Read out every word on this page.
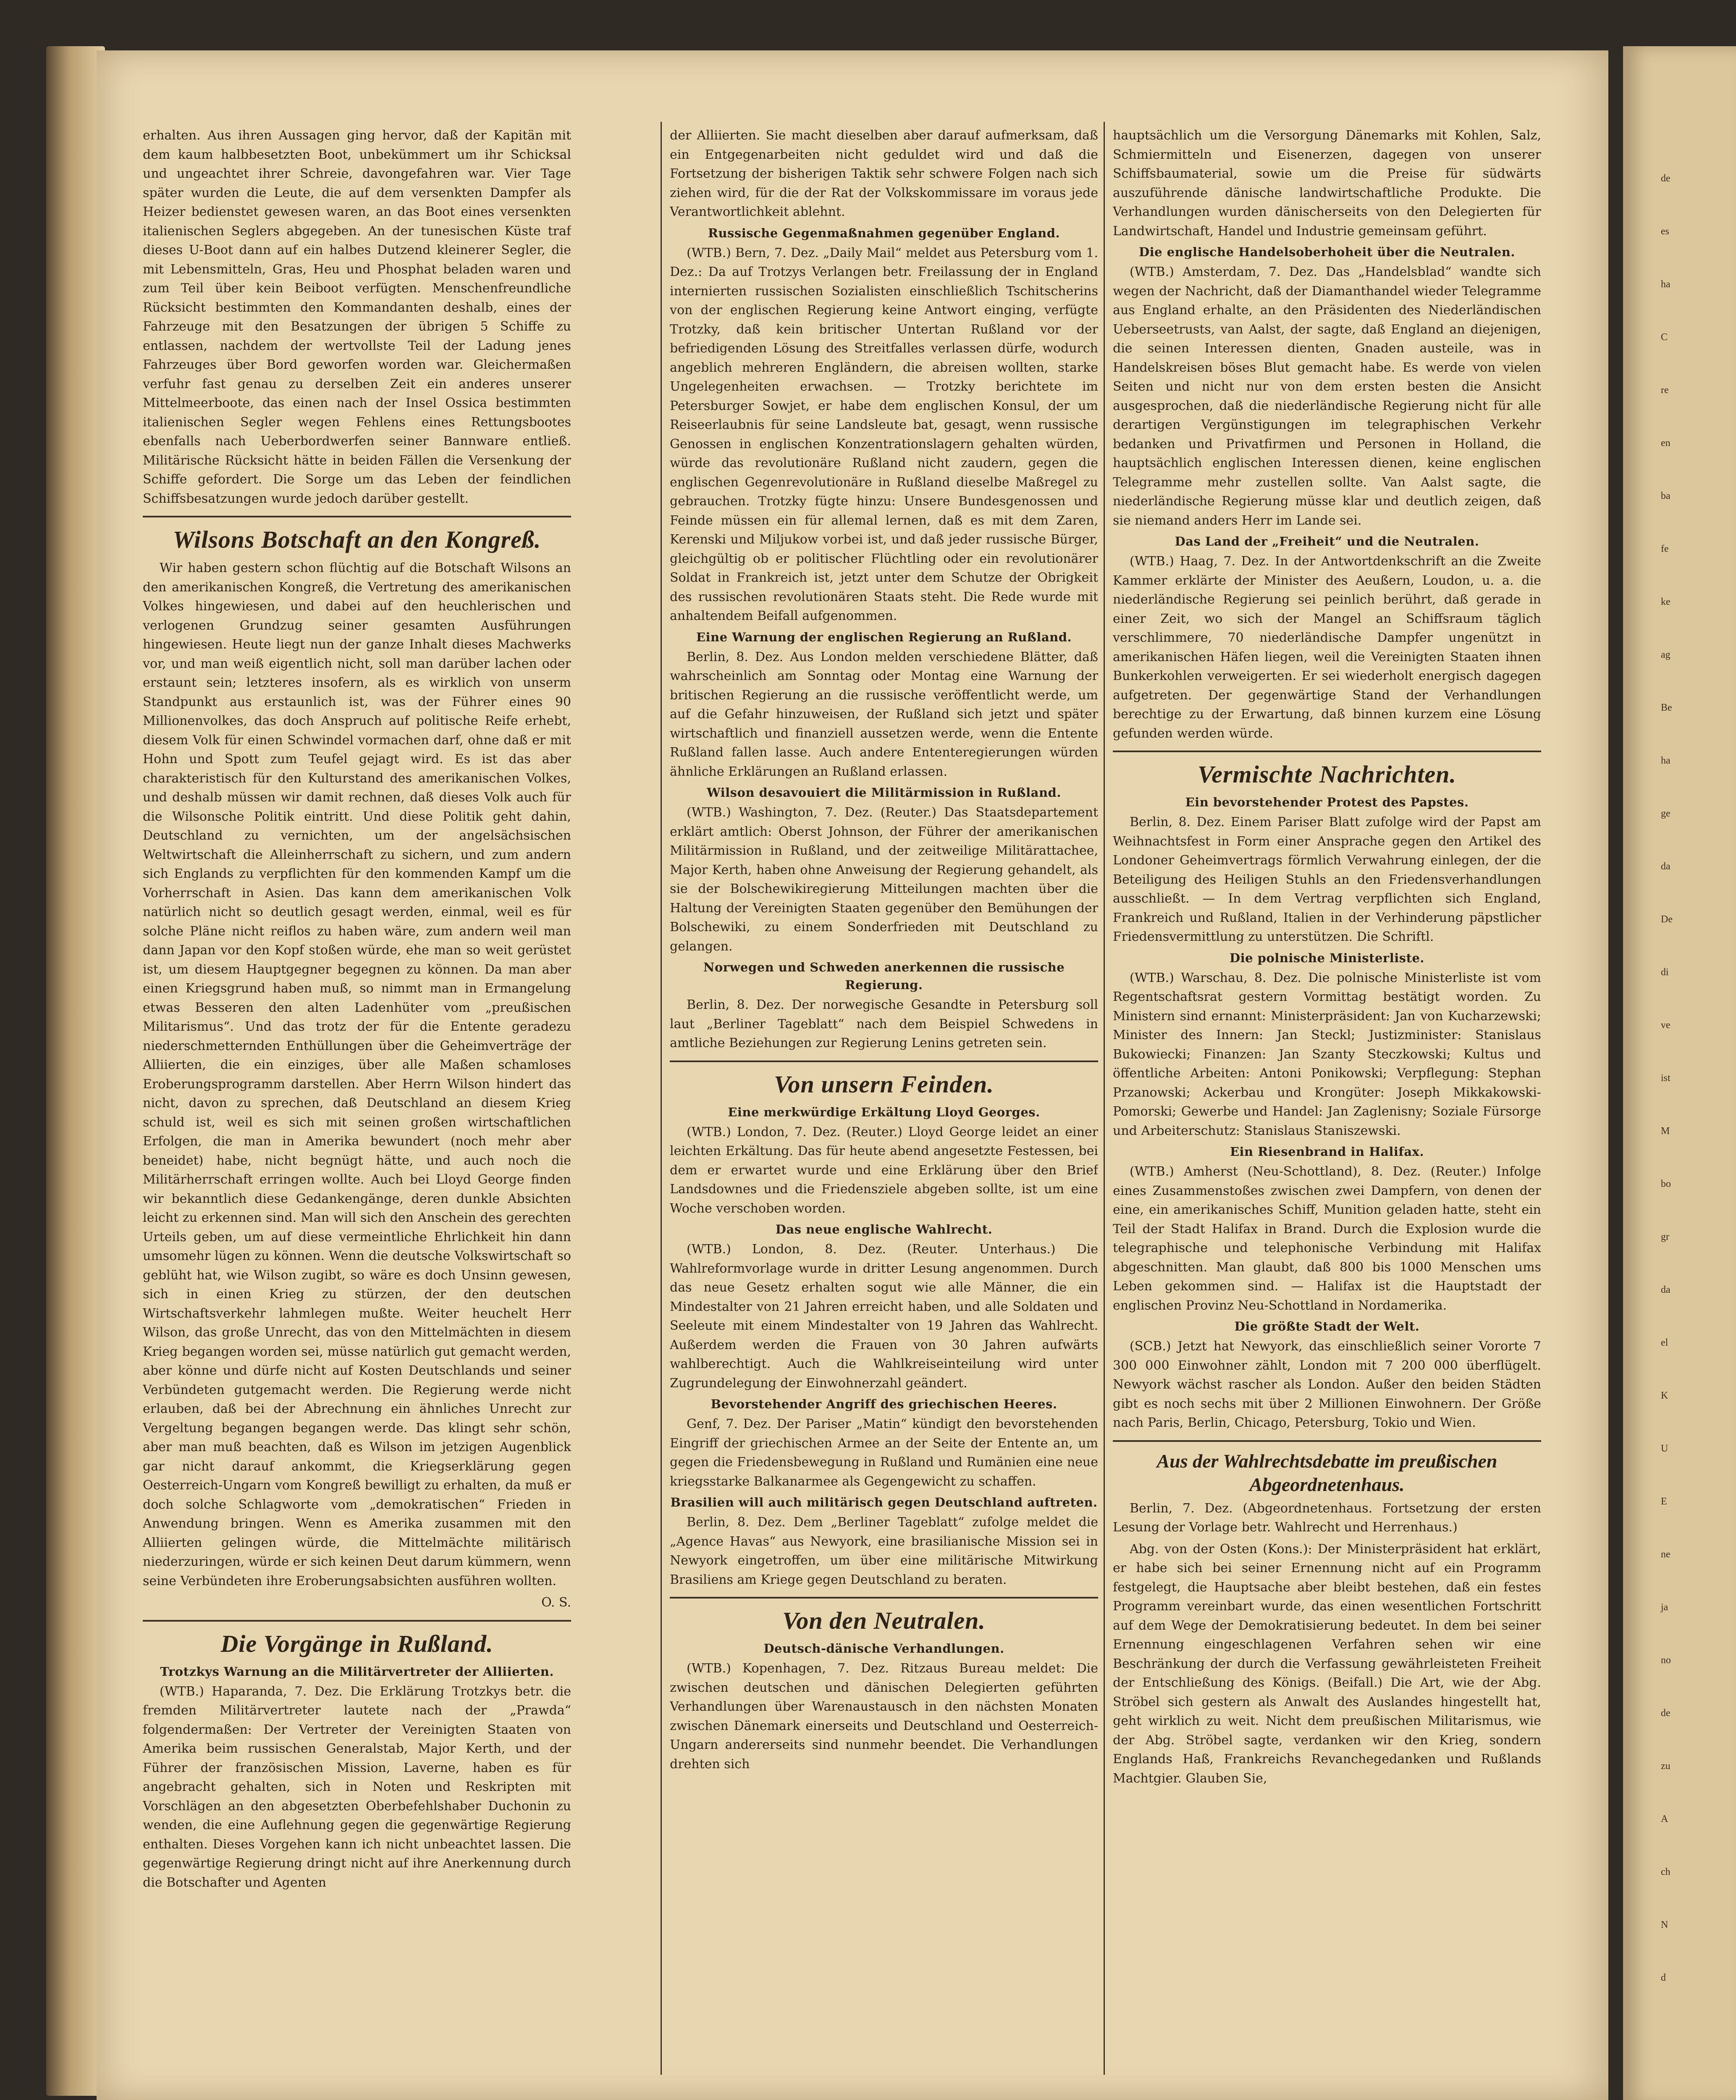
de
es
ha
C
re
en
ba
fe
ke
ag
Be
ha
ge
da
De
di
ve
ist
M
bo
gr
da
el
K
U
E
ne
ja
no
de
zu
A
ch
N
d

erhalten. Aus ihren Aussagen ging hervor, daß der Kapitän mit dem kaum halbbesetzten Boot, unbekümmert um ihr Schicksal und ungeachtet ihrer Schreie, davongefahren war. Vier Tage später wurden die Leute, die auf dem versenkten Dampfer als Heizer bedienstet gewesen waren, an das Boot eines versenkten italienischen Seglers abgegeben. An der tunesischen Küste traf dieses U-Boot dann auf ein halbes Dutzend kleinerer Segler, die mit Lebensmitteln, Gras, Heu und Phosphat beladen waren und zum Teil über kein Beiboot verfügten. Menschenfreundliche Rücksicht bestimmten den Kommandanten deshalb, eines der Fahrzeuge mit den Besatzungen der übrigen 5 Schiffe zu entlassen, nachdem der wertvollste Teil der Ladung jenes Fahrzeuges über Bord geworfen worden war. Gleichermaßen verfuhr fast genau zu derselben Zeit ein anderes unserer Mittelmeerboote, das einen nach der Insel Ossica bestimmten italienischen Segler wegen Fehlens eines Rettungsbootes ebenfalls nach Ueberbordwerfen seiner Bannware entließ. Militärische Rücksicht hätte in beiden Fällen die Versenkung der Schiffe gefordert. Die Sorge um das Leben der feindlichen Schiffsbesatzungen wurde jedoch darüber gestellt.

Wilsons Botschaft an den Kongreß.

Wir haben gestern schon flüchtig auf die Botschaft Wilsons an den amerikanischen Kongreß, die Vertretung des amerikanischen Volkes hingewiesen, und dabei auf den heuchlerischen und verlogenen Grundzug seiner gesamten Ausführungen hingewiesen. Heute liegt nun der ganze Inhalt dieses Machwerks vor, und man weiß eigentlich nicht, soll man darüber lachen oder erstaunt sein; letzteres insofern, als es wirklich von unserm Standpunkt aus erstaunlich ist, was der Führer eines 90 Millionenvolkes, das doch Anspruch auf politische Reife erhebt, diesem Volk für einen Schwindel vormachen darf, ohne daß er mit Hohn und Spott zum Teufel gejagt wird. Es ist das aber charakteristisch für den Kulturstand des amerikanischen Volkes, und deshalb müssen wir damit rechnen, daß dieses Volk auch für die Wilsonsche Politik eintritt. Und diese Politik geht dahin, Deutschland zu vernichten, um der angelsächsischen Weltwirtschaft die Alleinherrschaft zu sichern, und zum andern sich Englands zu verpflichten für den kommenden Kampf um die Vorherrschaft in Asien. Das kann dem amerikanischen Volk natürlich nicht so deutlich gesagt werden, einmal, weil es für solche Pläne nicht reiflos zu haben wäre, zum andern weil man dann Japan vor den Kopf stoßen würde, ehe man so weit gerüstet ist, um diesem Hauptgegner begegnen zu können. Da man aber einen Kriegsgrund haben muß, so nimmt man in Ermangelung etwas Besseren den alten Ladenhüter vom „preußischen Militarismus“. Und das trotz der für die Entente geradezu niederschmetternden Enthüllungen über die Geheimverträge der Alliierten, die ein einziges, über alle Maßen schamloses Eroberungsprogramm darstellen. Aber Herrn Wilson hindert das nicht, davon zu sprechen, daß Deutschland an diesem Krieg schuld ist, weil es sich mit seinen großen wirtschaftlichen Erfolgen, die man in Amerika bewundert (noch mehr aber beneidet) habe, nicht begnügt hätte, und auch noch die Militärherrschaft erringen wollte. Auch bei Lloyd George finden wir bekanntlich diese Gedankengänge, deren dunkle Absichten leicht zu erkennen sind. Man will sich den Anschein des gerechten Urteils geben, um auf diese vermeintliche Ehrlichkeit hin dann umsomehr lügen zu können. Wenn die deutsche Volkswirtschaft so geblüht hat, wie Wilson zugibt, so wäre es doch Unsinn gewesen, sich in einen Krieg zu stürzen, der den deutschen Wirtschaftsverkehr lahmlegen mußte. Weiter heuchelt Herr Wilson, das große Unrecht, das von den Mittelmächten in diesem Krieg begangen worden sei, müsse natürlich gut gemacht werden, aber könne und dürfe nicht auf Kosten Deutschlands und seiner Verbündeten gutgemacht werden. Die Regierung werde nicht erlauben, daß bei der Abrechnung ein ähnliches Unrecht zur Vergeltung begangen begangen werde. Das klingt sehr schön, aber man muß beachten, daß es Wilson im jetzigen Augenblick gar nicht darauf ankommt, die Kriegserklärung gegen Oesterreich-Ungarn vom Kongreß bewilligt zu erhalten, da muß er doch solche Schlagworte vom „demokratischen“ Frieden in Anwendung bringen. Wenn es Amerika zusammen mit den Alliierten gelingen würde, die Mittelmächte militärisch niederzuringen, würde er sich keinen Deut darum kümmern, wenn seine Verbündeten ihre Eroberungsabsichten ausführen wollten.

O. S.
Die Vorgänge in Rußland.
Trotzkys Warnung an die Militärvertreter der Alliierten.

(WTB.) Haparanda, 7. Dez. Die Erklärung Trotzkys betr. die fremden Militärvertreter lautete nach der „Prawda“ folgendermaßen: Der Vertreter der Vereinigten Staaten von Amerika beim russischen Generalstab, Major Kerth, und der Führer der französischen Mission, Laverne, haben es für angebracht gehalten, sich in Noten und Reskripten mit Vorschlägen an den abgesetzten Oberbefehlshaber Duchonin zu wenden, die eine Auflehnung gegen die gegenwärtige Regierung enthalten. Dieses Vorgehen kann ich nicht unbeachtet lassen. Die gegenwärtige Regierung dringt nicht auf ihre Anerkennung durch die Botschafter und Agenten

der Alliierten. Sie macht dieselben aber darauf aufmerksam, daß ein Entgegenarbeiten nicht geduldet wird und daß die Fortsetzung der bisherigen Taktik sehr schwere Folgen nach sich ziehen wird, für die der Rat der Volkskommissare im voraus jede Verantwortlichkeit ablehnt.

Russische Gegenmaßnahmen gegenüber England.

(WTB.) Bern, 7. Dez. „Daily Mail“ meldet aus Petersburg vom 1. Dez.: Da auf Trotzys Verlangen betr. Freilassung der in England internierten russischen Sozialisten einschließlich Tschitscherins von der englischen Regierung keine Antwort einging, verfügte Trotzky, daß kein britischer Untertan Rußland vor der befriedigenden Lösung des Streitfalles verlassen dürfe, wodurch angeblich mehreren Engländern, die abreisen wollten, starke Ungelegenheiten erwachsen. — Trotzky berichtete im Petersburger Sowjet, er habe dem englischen Konsul, der um Reiseerlaubnis für seine Landsleute bat, gesagt, wenn russische Genossen in englischen Konzentrationslagern gehalten würden, würde das revolutionäre Rußland nicht zaudern, gegen die englischen Gegenrevolutionäre in Rußland dieselbe Maßregel zu gebrauchen. Trotzky fügte hinzu: Unsere Bundesgenossen und Feinde müssen ein für allemal lernen, daß es mit dem Zaren, Kerenski und Miljukow vorbei ist, und daß jeder russische Bürger, gleichgültig ob er politischer Flüchtling oder ein revolutionärer Soldat in Frankreich ist, jetzt unter dem Schutze der Obrigkeit des russischen revolutionären Staats steht. Die Rede wurde mit anhaltendem Beifall aufgenommen.

Eine Warnung der englischen Regierung an Rußland.

Berlin, 8. Dez. Aus London melden verschiedene Blätter, daß wahrscheinlich am Sonntag oder Montag eine Warnung der britischen Regierung an die russische veröffentlicht werde, um auf die Gefahr hinzuweisen, der Rußland sich jetzt und später wirtschaftlich und finanziell aussetzen werde, wenn die Entente Rußland fallen lasse. Auch andere Ententeregierungen würden ähnliche Erklärungen an Rußland erlassen.

Wilson desavouiert die Militärmission in Rußland.

(WTB.) Washington, 7. Dez. (Reuter.) Das Staatsdepartement erklärt amtlich: Oberst Johnson, der Führer der amerikanischen Militärmission in Rußland, und der zeitweilige Militärattachee, Major Kerth, haben ohne Anweisung der Regierung gehandelt, als sie der Bolschewikiregierung Mitteilungen machten über die Haltung der Vereinigten Staaten gegenüber den Bemühungen der Bolschewiki, zu einem Sonderfrieden mit Deutschland zu gelangen.

Norwegen und Schweden anerkennen die russische Regierung.

Berlin, 8. Dez. Der norwegische Gesandte in Petersburg soll laut „Berliner Tageblatt“ nach dem Beispiel Schwedens in amtliche Beziehungen zur Regierung Lenins getreten sein.

Von unsern Feinden.
Eine merkwürdige Erkältung Lloyd Georges.

(WTB.) London, 7. Dez. (Reuter.) Lloyd George leidet an einer leichten Erkältung. Das für heute abend angesetzte Festessen, bei dem er erwartet wurde und eine Erklärung über den Brief Landsdownes und die Friedensziele abgeben sollte, ist um eine Woche verschoben worden.

Das neue englische Wahlrecht.

(WTB.) London, 8. Dez. (Reuter. Unterhaus.) Die Wahlreformvorlage wurde in dritter Lesung angenommen. Durch das neue Gesetz erhalten sogut wie alle Männer, die ein Mindestalter von 21 Jahren erreicht haben, und alle Soldaten und Seeleute mit einem Mindestalter von 19 Jahren das Wahlrecht. Außerdem werden die Frauen von 30 Jahren aufwärts wahlberechtigt. Auch die Wahlkreiseinteilung wird unter Zugrundelegung der Einwohnerzahl geändert.

Bevorstehender Angriff des griechischen Heeres.

Genf, 7. Dez. Der Pariser „Matin“ kündigt den bevorstehenden Eingriff der griechischen Armee an der Seite der Entente an, um gegen die Friedensbewegung in Rußland und Rumänien eine neue kriegsstarke Balkanarmee als Gegengewicht zu schaffen.

Brasilien will auch militärisch gegen Deutschland auftreten.

Berlin, 8. Dez. Dem „Berliner Tageblatt“ zufolge meldet die „Agence Havas“ aus Newyork, eine brasilianische Mission sei in Newyork eingetroffen, um über eine militärische Mitwirkung Brasiliens am Kriege gegen Deutschland zu beraten.

Von den Neutralen.
Deutsch-dänische Verhandlungen.

(WTB.) Kopenhagen, 7. Dez. Ritzaus Bureau meldet: Die zwischen deutschen und dänischen Delegierten geführten Verhandlungen über Warenaustausch in den nächsten Monaten zwischen Dänemark einerseits und Deutschland und Oesterreich-Ungarn andererseits sind nunmehr beendet. Die Verhandlungen drehten sich

hauptsächlich um die Versorgung Dänemarks mit Kohlen, Salz, Schmiermitteln und Eisenerzen, dagegen von unserer Schiffsbaumaterial, sowie um die Preise für südwärts auszuführende dänische landwirtschaftliche Produkte. Die Verhandlungen wurden dänischerseits von den Delegierten für Landwirtschaft, Handel und Industrie gemeinsam geführt.

Die englische Handelsoberhoheit über die Neutralen.

(WTB.) Amsterdam, 7. Dez. Das „Handelsblad“ wandte sich wegen der Nachricht, daß der Diamanthandel wieder Telegramme aus England erhalte, an den Präsidenten des Niederländischen Ueberseetrusts, van Aalst, der sagte, daß England an diejenigen, die seinen Interessen dienten, Gnaden austeile, was in Handelskreisen böses Blut gemacht habe. Es werde von vielen Seiten und nicht nur von dem ersten besten die Ansicht ausgesprochen, daß die niederländische Regierung nicht für alle derartigen Vergünstigungen im telegraphischen Verkehr bedanken und Privatfirmen und Personen in Holland, die hauptsächlich englischen Interessen dienen, keine englischen Telegramme mehr zustellen sollte. Van Aalst sagte, die niederländische Regierung müsse klar und deutlich zeigen, daß sie niemand anders Herr im Lande sei.

Das Land der „Freiheit“ und die Neutralen.

(WTB.) Haag, 7. Dez. In der Antwortdenkschrift an die Zweite Kammer erklärte der Minister des Aeußern, Loudon, u. a. die niederländische Regierung sei peinlich berührt, daß gerade in einer Zeit, wo sich der Mangel an Schiffsraum täglich verschlimmere, 70 niederländische Dampfer ungenützt in amerikanischen Häfen liegen, weil die Vereinigten Staaten ihnen Bunkerkohlen verweigerten. Er sei wiederholt energisch dagegen aufgetreten. Der gegenwärtige Stand der Verhandlungen berechtige zu der Erwartung, daß binnen kurzem eine Lösung gefunden werden würde.

Vermischte Nachrichten.
Ein bevorstehender Protest des Papstes.

Berlin, 8. Dez. Einem Pariser Blatt zufolge wird der Papst am Weihnachtsfest in Form einer Ansprache gegen den Artikel des Londoner Geheimvertrags förmlich Verwahrung einlegen, der die Beteiligung des Heiligen Stuhls an den Friedensverhandlungen ausschließt. — In dem Vertrag verpflichten sich England, Frankreich und Rußland, Italien in der Verhinderung päpstlicher Friedensvermittlung zu unterstützen. Die Schriftl.

Die polnische Ministerliste.

(WTB.) Warschau, 8. Dez. Die polnische Ministerliste ist vom Regentschaftsrat gestern Vormittag bestätigt worden. Zu Ministern sind ernannt: Ministerpräsident: Jan von Kucharzewski; Minister des Innern: Jan Steckl; Justizminister: Stanislaus Bukowiecki; Finanzen: Jan Szanty Steczkowski; Kultus und öffentliche Arbeiten: Antoni Ponikowski; Verpflegung: Stephan Przanowski; Ackerbau und Krongüter: Joseph Mikkakowski-Pomorski; Gewerbe und Handel: Jan Zaglenisny; Soziale Fürsorge und Arbeiterschutz: Stanislaus Staniszewski.

Ein Riesenbrand in Halifax.

(WTB.) Amherst (Neu-Schottland), 8. Dez. (Reuter.) Infolge eines Zusammenstoßes zwischen zwei Dampfern, von denen der eine, ein amerikanisches Schiff, Munition geladen hatte, steht ein Teil der Stadt Halifax in Brand. Durch die Explosion wurde die telegraphische und telephonische Verbindung mit Halifax abgeschnitten. Man glaubt, daß 800 bis 1000 Menschen ums Leben gekommen sind. — Halifax ist die Hauptstadt der englischen Provinz Neu-Schottland in Nordamerika.

Die größte Stadt der Welt.

(SCB.) Jetzt hat Newyork, das einschließlich seiner Vororte 7 300 000 Einwohner zählt, London mit 7 200 000 überflügelt. Newyork wächst rascher als London. Außer den beiden Städten gibt es noch sechs mit über 2 Millionen Einwohnern. Der Größe nach Paris, Berlin, Chicago, Petersburg, Tokio und Wien.

Aus der Wahlrechtsdebatte im preußischen Abgeordnetenhaus.

Berlin, 7. Dez. (Abgeordnetenhaus. Fortsetzung der ersten Lesung der Vorlage betr. Wahlrecht und Herrenhaus.)

Abg. von der Osten (Kons.): Der Ministerpräsident hat erklärt, er habe sich bei seiner Ernennung nicht auf ein Programm festgelegt, die Hauptsache aber bleibt bestehen, daß ein festes Programm vereinbart wurde, das einen wesentlichen Fortschritt auf dem Wege der Demokratisierung bedeutet. In dem bei seiner Ernennung eingeschlagenen Verfahren sehen wir eine Beschränkung der durch die Verfassung gewährleisteten Freiheit der Entschließung des Königs. (Beifall.) Die Art, wie der Abg. Ströbel sich gestern als Anwalt des Auslandes hingestellt hat, geht wirklich zu weit. Nicht dem preußischen Militarismus, wie der Abg. Ströbel sagte, verdanken wir den Krieg, sondern Englands Haß, Frankreichs Revanchegedanken und Rußlands Machtgier. Glauben Sie,
